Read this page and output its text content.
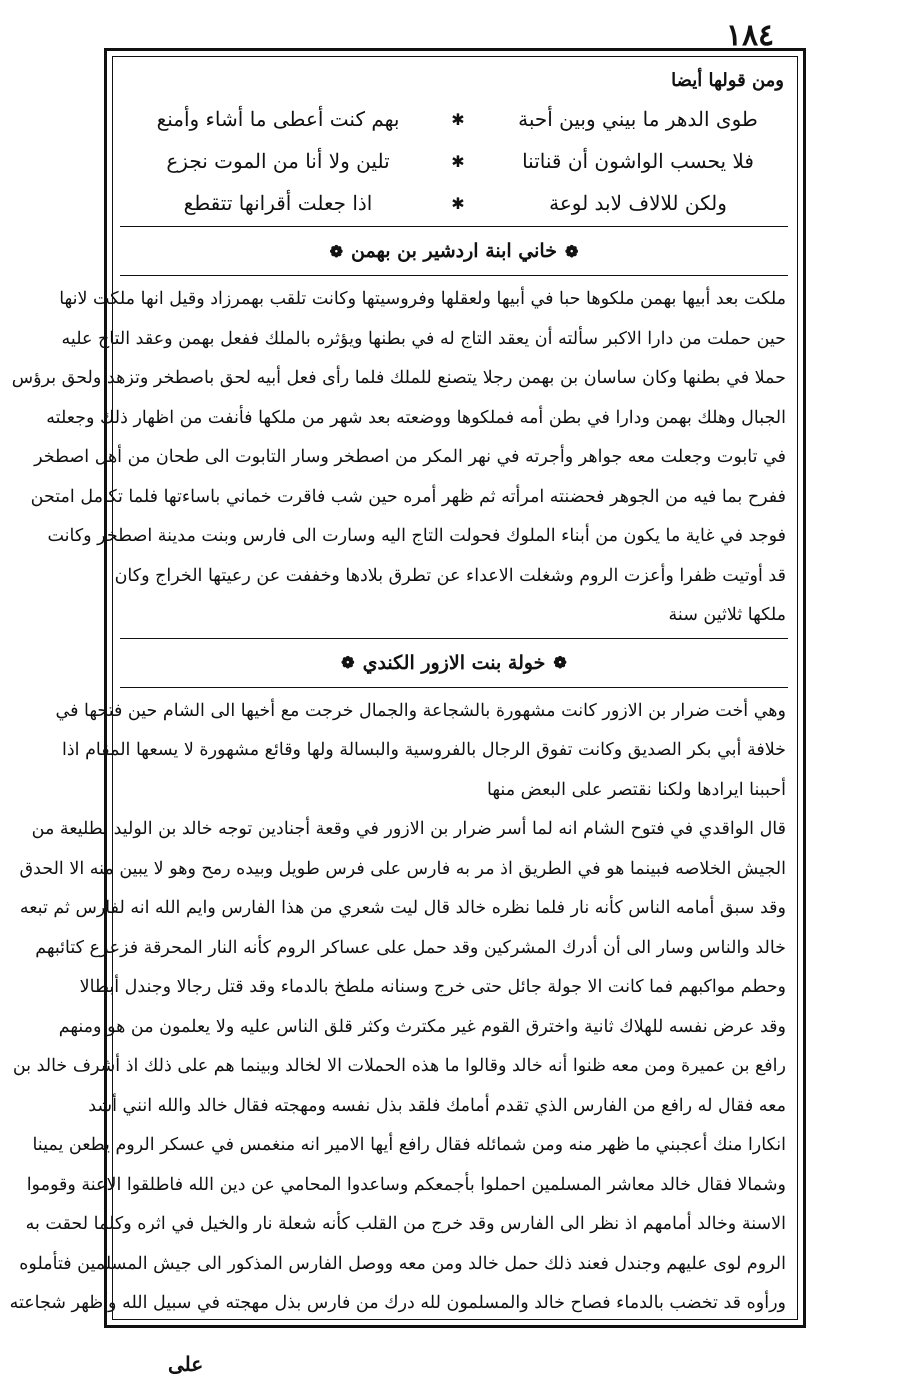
١٨٤
ومن قولها أيضا
طوى الدهر ما بيني وبين أحبة
✱
بهم كنت أعطى ما أشاء وأمنع
فلا يحسب الواشون أن قناتنا
✱
تلين ولا أنا من الموت نجزع
ولكن للالاف لابد لوعة
✱
اذا جعلت أقرانها تتقطع
❁
خاني ابنة اردشير بن بهمن
❁
ملكت بعد أبيها بهمن ملكوها حبا في أبيها ولعقلها وفروسيتها وكانت تلقب بهمرزاد وقيل انها ملكت لانها
حين حملت من دارا الاكبر سألته أن يعقد التاج له في بطنها ويؤثره بالملك ففعل بهمن وعقد التاج عليه
حملا في بطنها وكان ساسان بن بهمن رجلا يتصنع للملك فلما رأى فعل أبيه لحق باصطخر وتزهد ولحق برؤس
الجبال وهلك بهمن ودارا في بطن أمه فملكوها ووضعته بعد شهر من ملكها فأنفت من اظهار ذلك وجعلته
في تابوت وجعلت معه جواهر وأجرته في نهر المكر من اصطخر وسار التابوت الى طحان من أهل اصطخر
ففرح بما فيه من الجوهر فحضنته امرأته ثم ظهر أمره حين شب فاقرت خماني باساءتها فلما تكامل امتحن
فوجد في غاية ما يكون من أبناء الملوك فحولت التاج اليه وسارت الى فارس وبنت مدينة اصطخر وكانت
قد أوتيت ظفرا وأعزت الروم وشغلت الاعداء عن تطرق بلادها وخففت عن رعيتها الخراج وكان
ملكها ثلاثين سنة
❁
خولة بنت الازور الكندي
❁
وهي أخت ضرار بن الازور كانت مشهورة بالشجاعة والجمال خرجت مع أخيها الى الشام حين فتحها في
خلافة أبي بكر الصديق وكانت تفوق الرجال بالفروسية والبسالة ولها وقائع مشهورة لا يسعها المقام اذا
أحببنا ايرادها ولكنا نقتصر على البعض منها
قال الواقدي في فتوح الشام انه لما أسر ضرار بن الازور في وقعة أجنادين توجه خالد بن الوليد بطليعة من
الجيش الخلاصه فبينما هو في الطريق اذ مر به فارس على فرس طويل وبيده رمح وهو لا يبين منه الا الحدق
وقد سبق أمامه الناس كأنه نار فلما نظره خالد قال ليت شعري من هذا الفارس وايم الله انه لفارس ثم تبعه
خالد والناس وسار الى أن أدرك المشركين وقد حمل على عساكر الروم كأنه النار المحرقة فزعزع كتائبهم
وحطم مواكبهم فما كانت الا جولة جائل حتى خرج وسنانه ملطخ بالدماء وقد قتل رجالا وجندل أبطالا
وقد عرض نفسه للهلاك ثانية واخترق القوم غير مكترث وكثر قلق الناس عليه ولا يعلمون من هو ومنهم
رافع بن عميرة ومن معه ظنوا أنه خالد وقالوا ما هذه الحملات الا لخالد وبينما هم على ذلك اذ أشرف خالد بن
معه فقال له رافع من الفارس الذي تقدم أمامك فلقد بذل نفسه ومهجته فقال خالد والله انني أشد
انكارا منك أعجبني ما ظهر منه ومن شمائله فقال رافع أيها الامير انه منغمس في عسكر الروم يطعن يمينا
وشمالا فقال خالد معاشر المسلمين احملوا بأجمعكم وساعدوا المحامي عن دين الله فاطلقوا الاعنة وقوموا
الاسنة وخالد أمامهم اذ نظر الى الفارس وقد خرج من القلب كأنه شعلة نار والخيل في اثره وكلما لحقت به
الروم لوى عليهم وجندل فعند ذلك حمل خالد ومن معه ووصل الفارس المذكور الى جيش المسلمين فتأملوه
ورأوه قد تخضب بالدماء فصاح خالد والمسلمون لله درك من فارس بذل مهجته في سبيل الله وأظهر شجاعته
على
